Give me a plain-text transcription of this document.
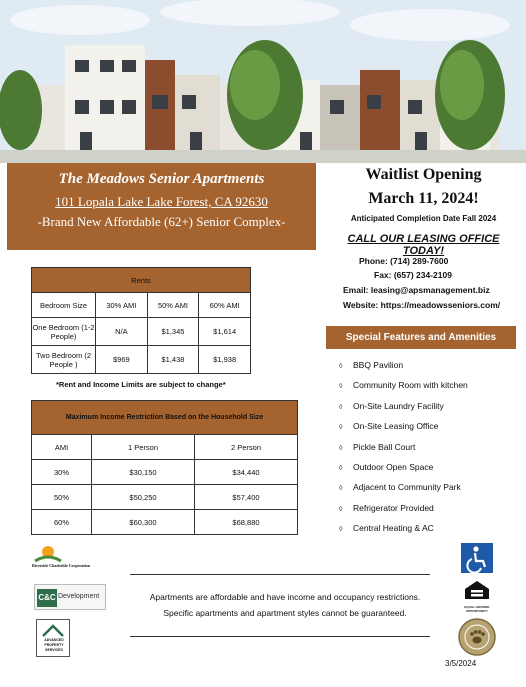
The Meadows Senior Apartments
101 Lopala Lake Lake Forest, CA 92630
-Brand New Affordable (62+) Senior Complex-
Waitlist Opening
March 11, 2024!
Anticipated Completion Date Fall 2024
CALL OUR LEASING OFFICE TODAY!
Phone: (714) 289-7600
Fax: (657) 234-2109
Email: leasing@apsmanagement.biz
Website: https://meadowsseniors.com/
Rents			
Bedroom Size	30% AMI	50% AMI	60% AMI
One Bedroom (1-2 People)	N/A	$1,345	$1,614
Two Bedroom (2 People )	$969	$1,438	$1,938
*Rent and Income Limits are subject to change*
Maximum Income Restriction Based on the Household Size		
AMI	1 Person	2 Person
30%	$30,150	$34,440
50%	$50,250	$57,400
60%	$60,300	$68,880
Special Features and Amenities
◊ BBQ Pavilion
◊ Community Room with kitchen
◊ On-Site Laundry Facility
◊ On-Site Leasing Office
◊ Pickle Ball Court
◊ Outdoor Open Space
◊ Adjacent to Community Park
◊ Refrigerator Provided
◊ Central Heating & AC
Riverside Charitable Corporation
C&C Development
ADVANCED PROPERTY SERVICES
EQUAL HOUSING OPPORTUNITY
Apartments are affordable and have income and occupancy restrictions.
Specific apartments and apartment styles cannot be guaranteed.
3/5/2024
